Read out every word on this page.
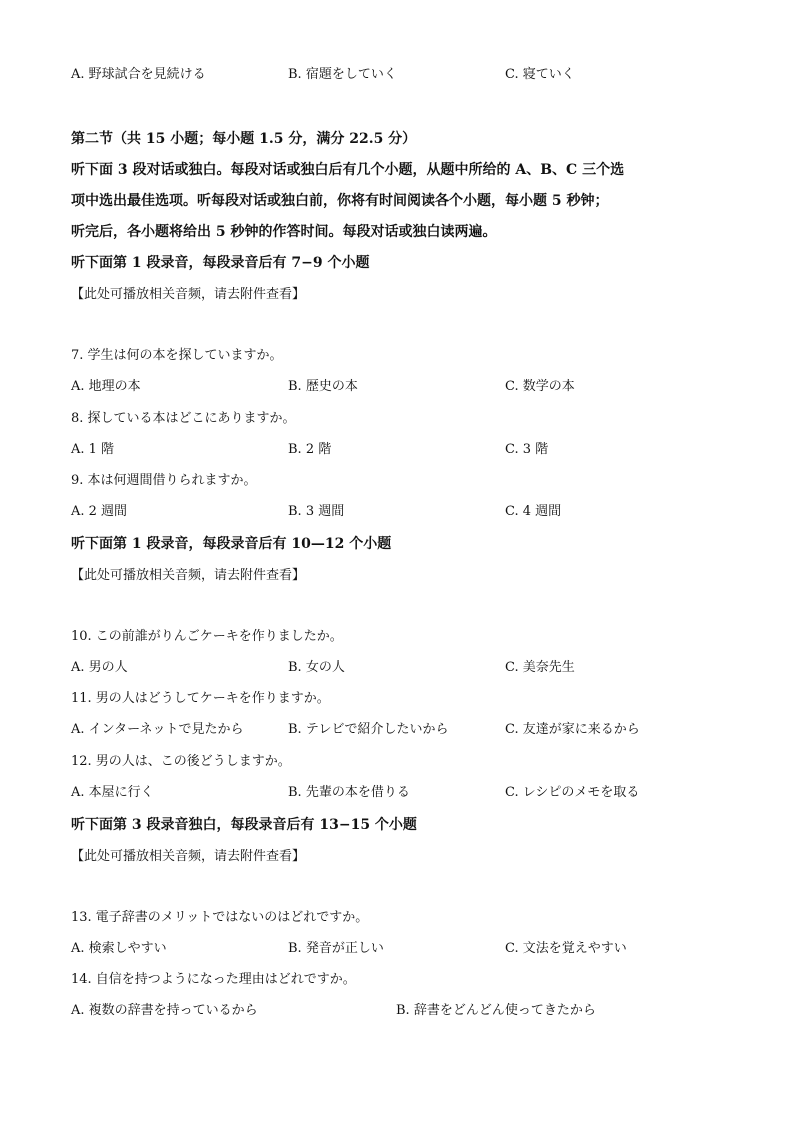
A. 野球試合を見続ける	B. 宿題をしていく	C. 寝ていく
第二节（共 15 小题；每小题 1.5 分，满分 22.5 分）
听下面 3 段对话或独白。每段对话或独白后有几个小题，从题中所给的 A、B、C 三个选
项中选出最佳选项。听每段对话或独白前，你将有时间阅读各个小题，每小题 5 秒钟；
听完后，各小题将给出 5 秒钟的作答时间。每段对话或独白读两遍。
听下面第 1 段录音，每段录音后有 7−9 个小题
【此处可播放相关音频，请去附件查看】
7. 学生は何の本を探していますか。
A. 地理の本	B. 歴史の本	C. 数学の本
8. 探している本はどこにありますか。
A. 1 階	B. 2 階	C. 3 階
9. 本は何週間借りられますか。
A. 2 週間	B. 3 週間	C. 4 週間
听下面第 1 段录音，每段录音后有 10—12 个小题
【此处可播放相关音频，请去附件查看】
10. この前誰がりんごケーキを作りましたか。
A. 男の人	B. 女の人	C. 美奈先生
11. 男の人はどうしてケーキを作りますか。
A. インターネットで見たから	B. テレビで紹介したいから	C. 友達が家に来るから
12. 男の人は、この後どうしますか。
A. 本屋に行く	B. 先輩の本を借りる	C. レシピのメモを取る
听下面第 3 段录音独白，每段录音后有 13−15 个小题
【此处可播放相关音频，请去附件查看】
13. 電子辞書のメリットではないのはどれですか。
A. 検索しやすい	B. 発音が正しい	C. 文法を覚えやすい
14. 自信を持つようになった理由はどれですか。
A. 複数の辞書を持っているから	B. 辞書をどんどん使ってきたから
